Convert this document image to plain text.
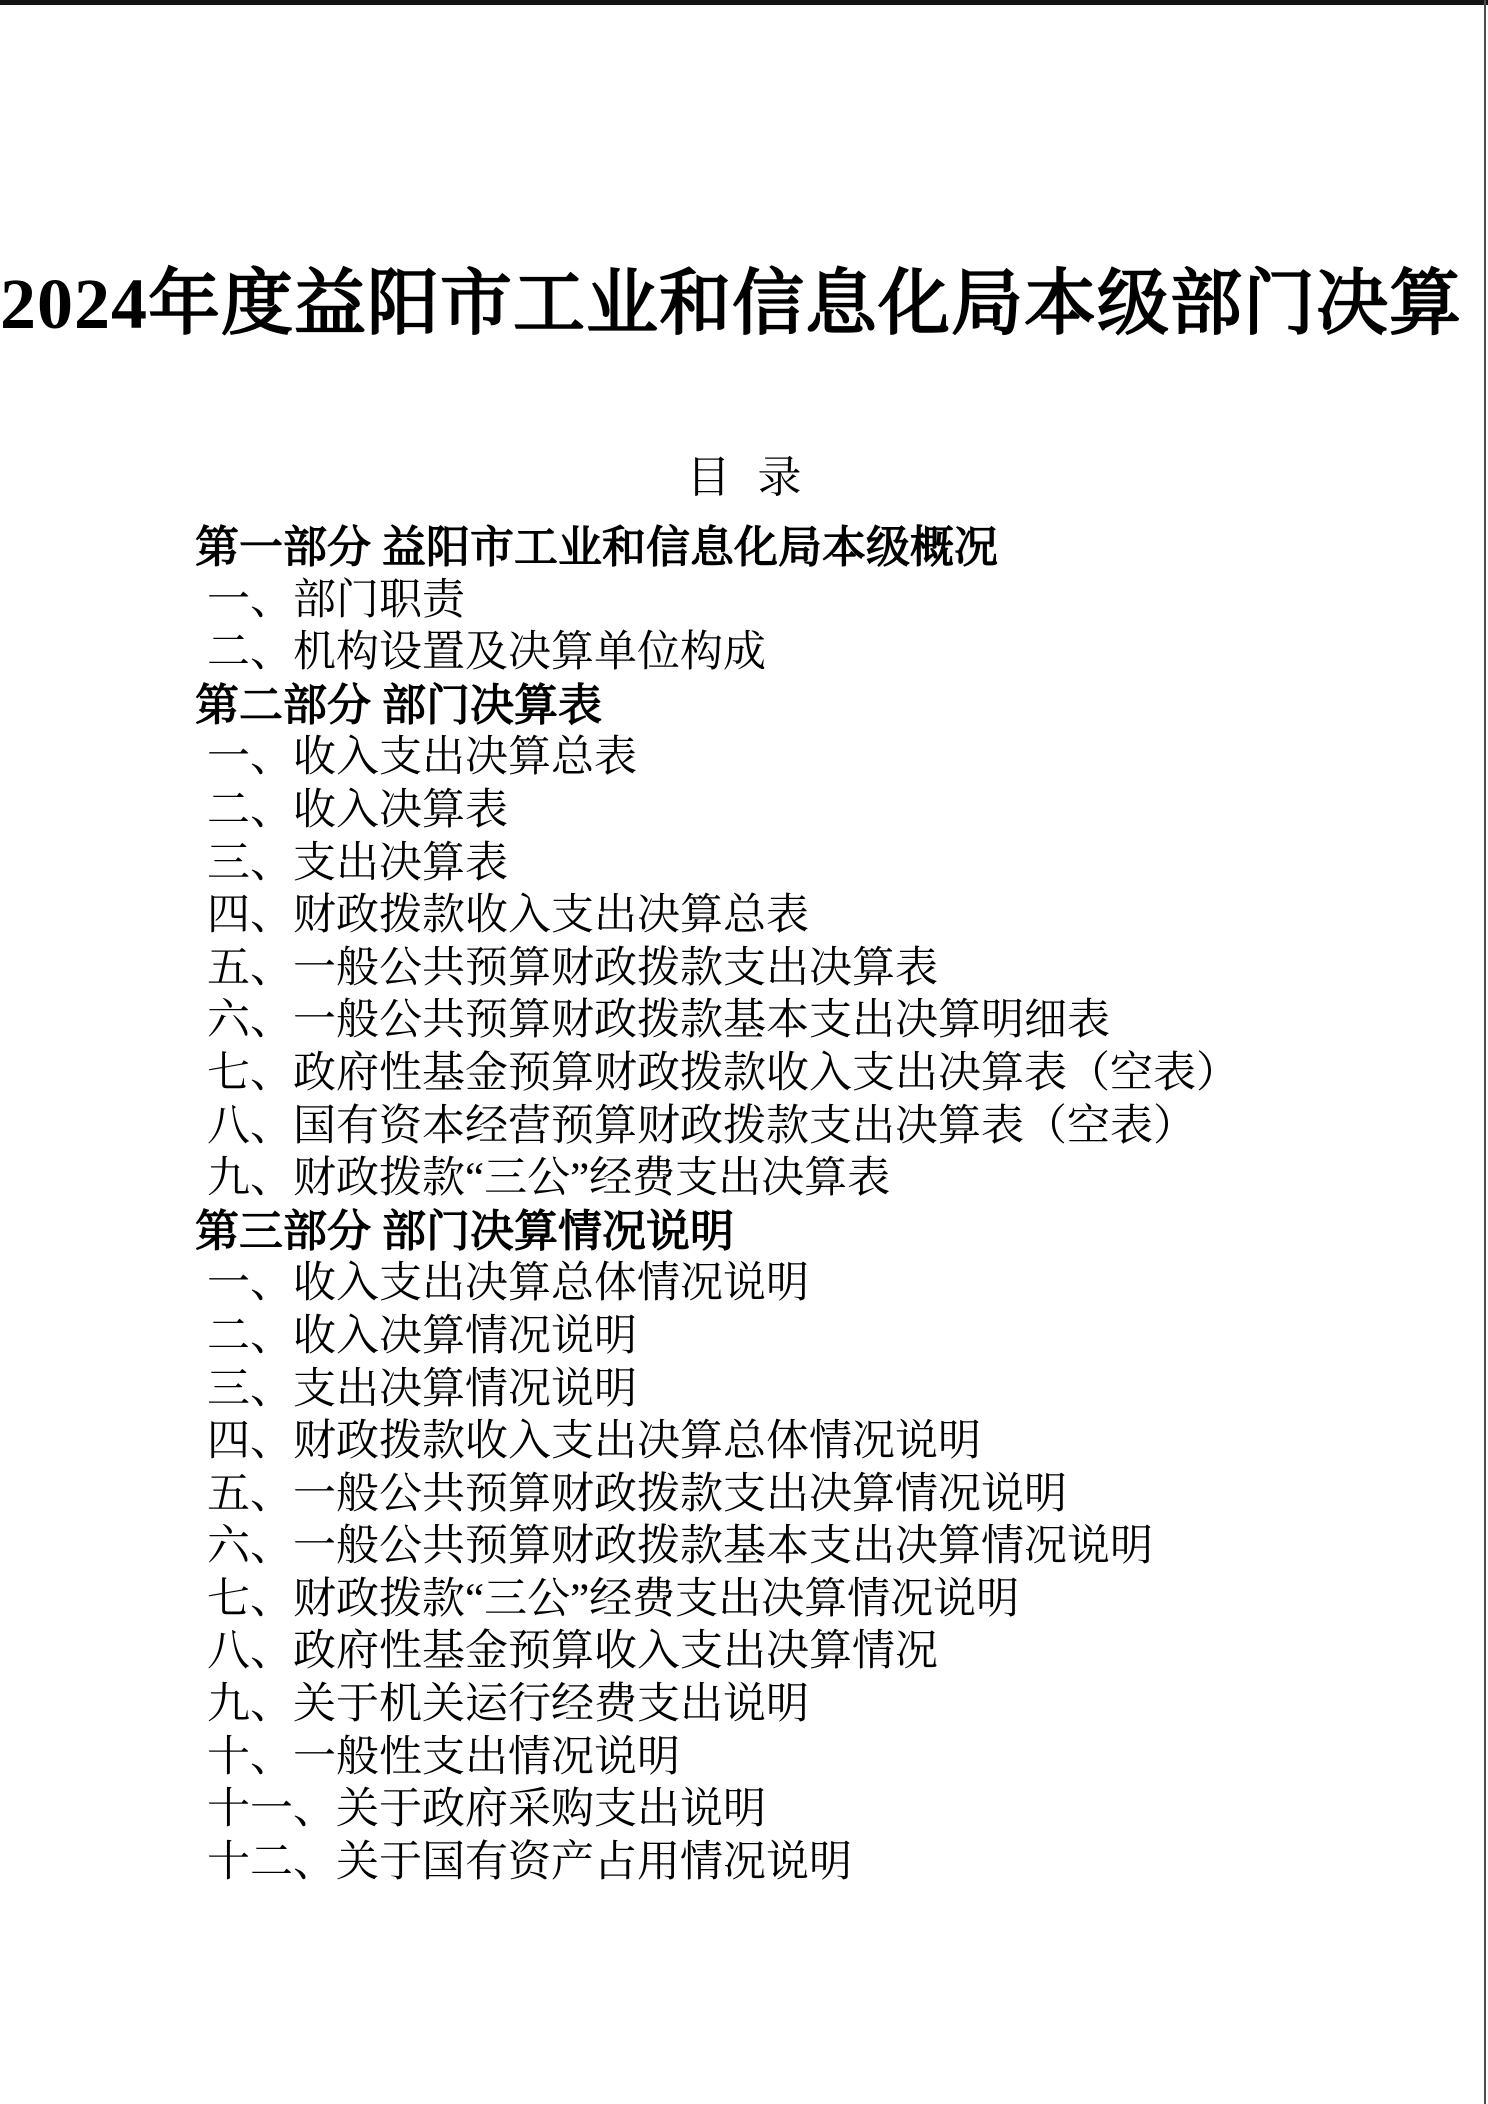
2024年度益阳市工业和信息化局本级部门决算
目 录
第一部分 益阳市工业和信息化局本级概况
一、部门职责
二、机构设置及决算单位构成
第二部分 部门决算表
一、收入支出决算总表
二、收入决算表
三、支出决算表
四、财政拨款收入支出决算总表
五、一般公共预算财政拨款支出决算表
六、一般公共预算财政拨款基本支出决算明细表
七、政府性基金预算财政拨款收入支出决算表（空表）
八、国有资本经营预算财政拨款支出决算表（空表）
九、财政拨款“三公”经费支出决算表
第三部分 部门决算情况说明
一、收入支出决算总体情况说明
二、收入决算情况说明
三、支出决算情况说明
四、财政拨款收入支出决算总体情况说明
五、一般公共预算财政拨款支出决算情况说明
六、一般公共预算财政拨款基本支出决算情况说明
七、财政拨款“三公”经费支出决算情况说明
八、政府性基金预算收入支出决算情况
九、关于机关运行经费支出说明
十、一般性支出情况说明
十一、关于政府采购支出说明
十二、关于国有资产占用情况说明
